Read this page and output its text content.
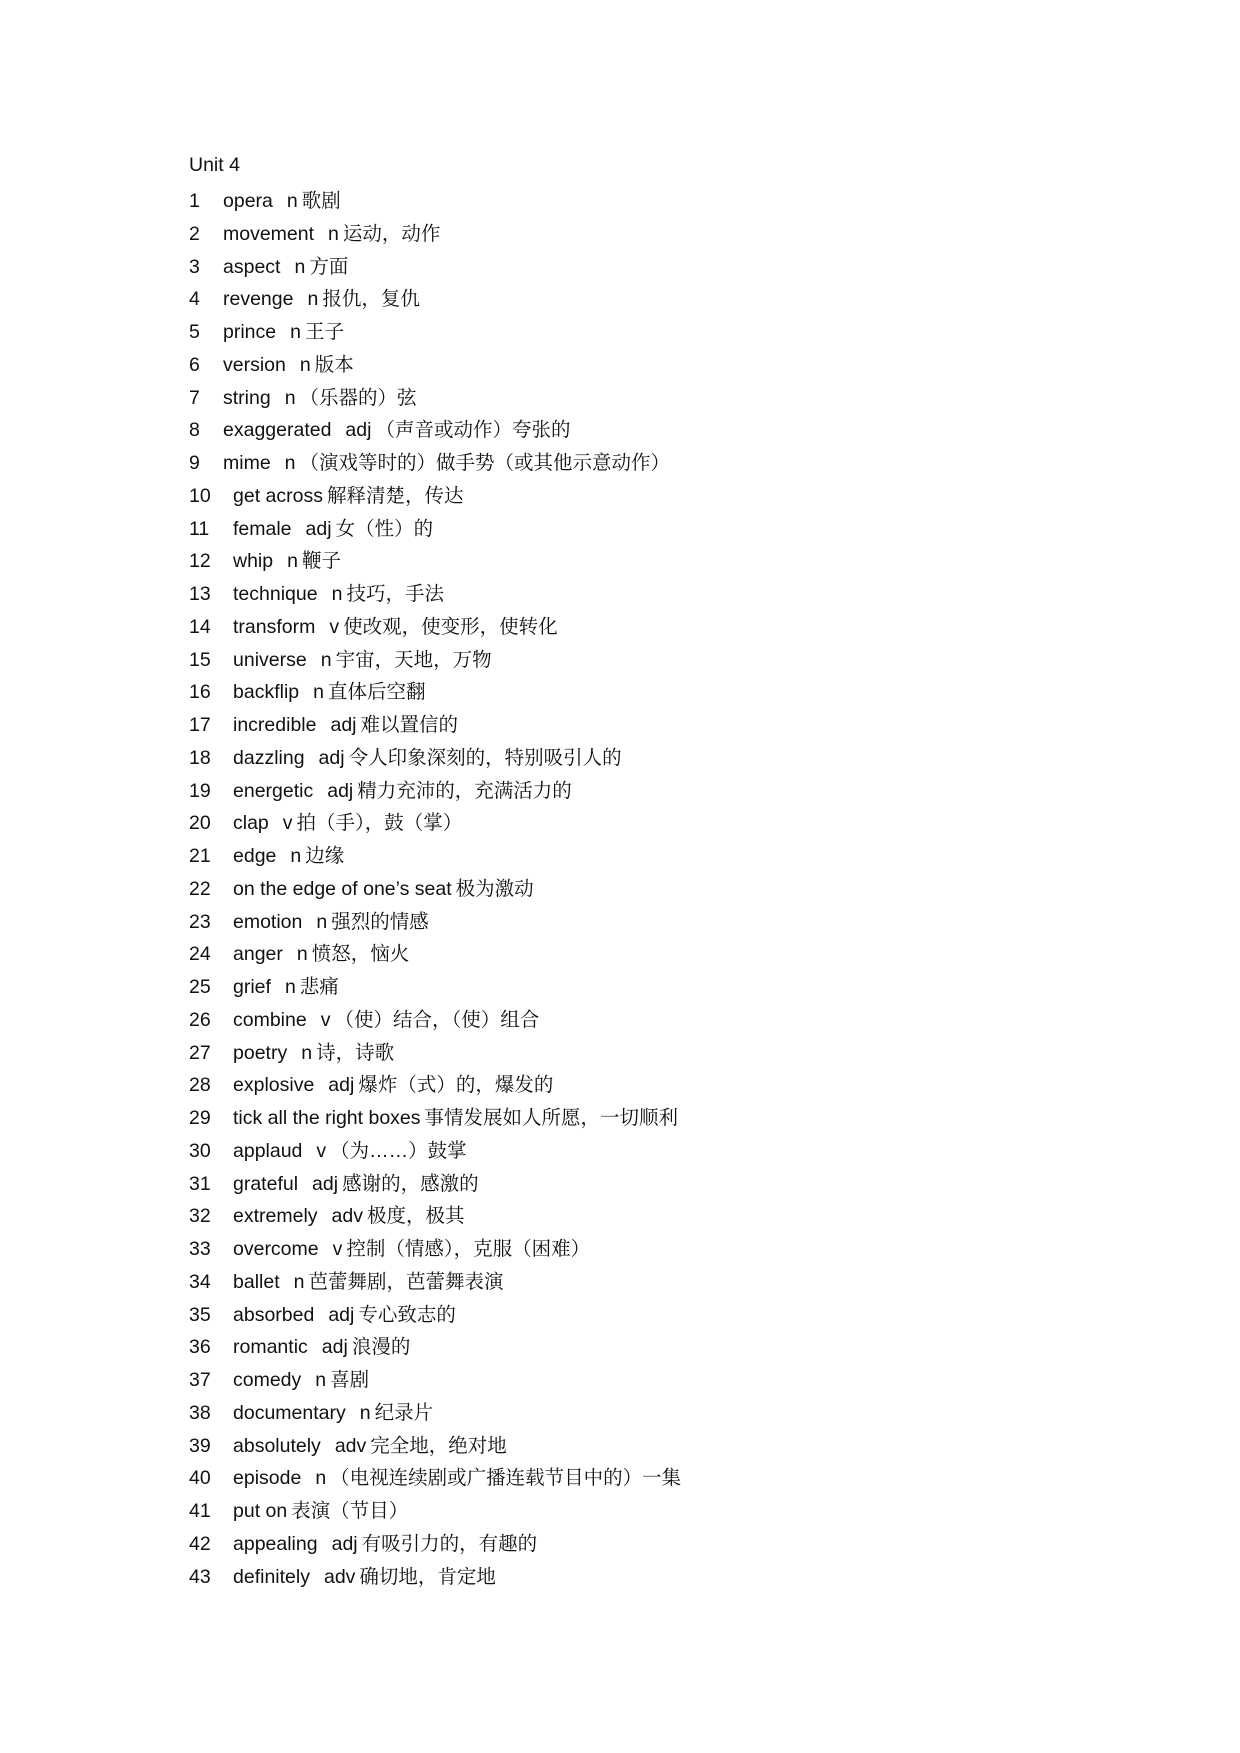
Unit 4
1 opera n 歌剧
2 movement n 运动，动作
3 aspect n 方面
4 revenge n 报仇，复仇
5 prince n 王子
6 version n 版本
7 string n （乐器的）弦
8 exaggerated adj （声音或动作）夸张的
9 mime n （演戏等时的）做手势（或其他示意动作）
10 get across 解释清楚，传达
11 female adj 女（性）的
12 whip n 鞭子
13 technique n 技巧，手法
14 transform v 使改观，使变形，使转化
15 universe n 宇宙，天地，万物
16 backflip n 直体后空翻
17 incredible adj 难以置信的
18 dazzling adj 令人印象深刻的，特别吸引人的
19 energetic adj 精力充沛的，充满活力的
20 clap v 拍（手），鼓（掌）
21 edge n 边缘
22 on the edge of one’s seat 极为激动
23 emotion n 强烈的情感
24 anger n 愤怒，恼火
25 grief n 悲痛
26 combine v （使）结合，（使）组合
27 poetry n 诗，诗歌
28 explosive adj 爆炸（式）的，爆发的
29 tick all the right boxes 事情发展如人所愿，一切顺利
30 applaud v （为……）鼓掌
31 grateful adj 感谢的，感激的
32 extremely adv 极度，极其
33 overcome v 控制（情感），克服（困难）
34 ballet n 芭蕾舞剧，芭蕾舞表演
35 absorbed adj 专心致志的
36 romantic adj 浪漫的
37 comedy n 喜剧
38 documentary n 纪录片
39 absolutely adv 完全地，绝对地
40 episode n （电视连续剧或广播连载节目中的）一集
41 put on 表演（节目）
42 appealing adj 有吸引力的，有趣的
43 definitely adv 确切地，肯定地
